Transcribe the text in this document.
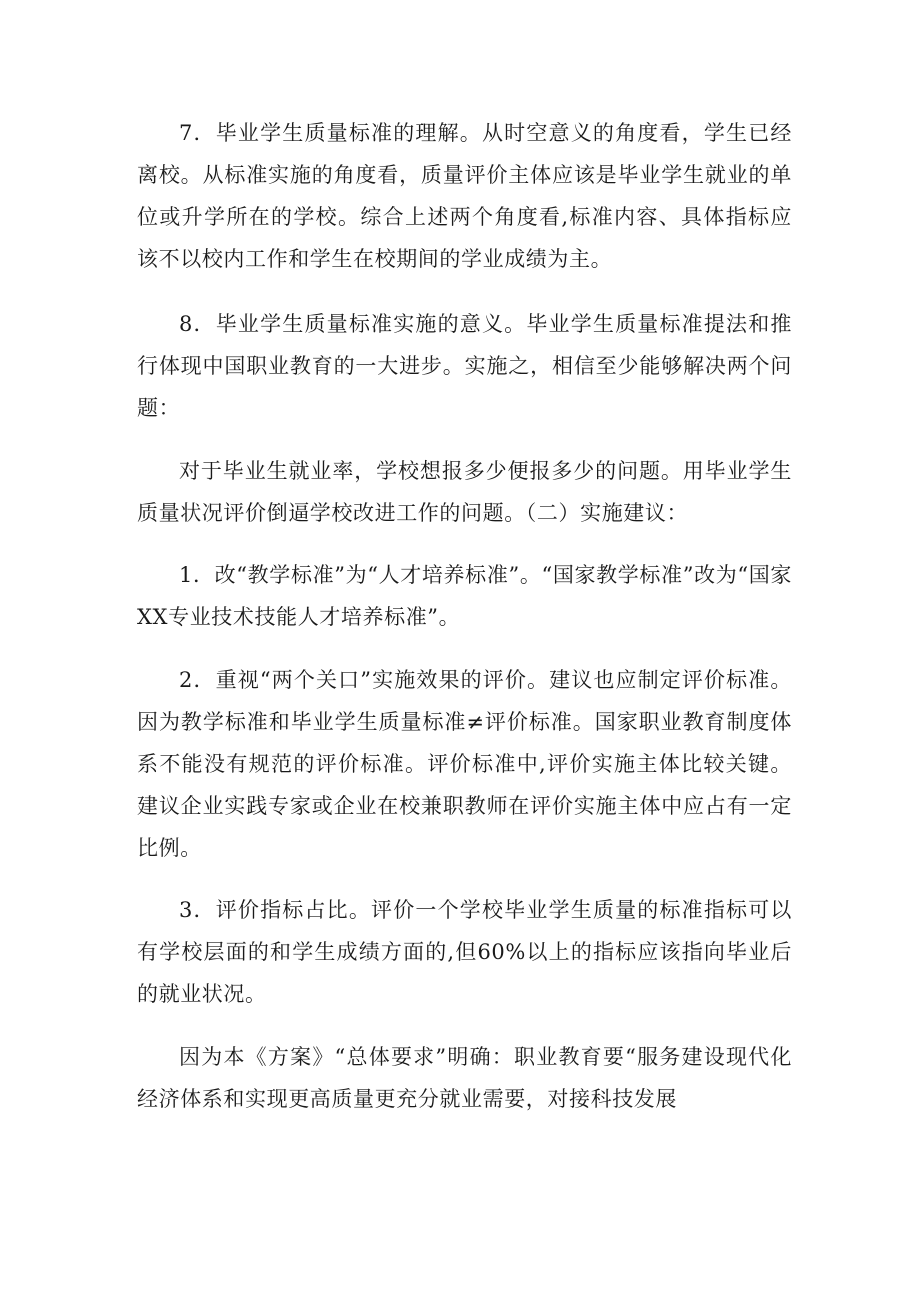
7．毕业学生质量标准的理解。从时空意义的角度看，学生已经离校。从标准实施的角度看，质量评价主体应该是毕业学生就业的单位或升学所在的学校。综合上述两个角度看,标准内容、具体指标应该不以校内工作和学生在校期间的学业成绩为主。

8．毕业学生质量标准实施的意义。毕业学生质量标准提法和推行体现中国职业教育的一大进步。实施之，相信至少能够解决两个问题：

对于毕业生就业率，学校想报多少便报多少的问题。用毕业学生质量状况评价倒逼学校改进工作的问题。（二）实施建议：

1．改“教学标准”为“人才培养标准”。“国家教学标准”改为“国家XX专业技术技能人才培养标准”。

2．重视“两个关口”实施效果的评价。建议也应制定评价标准。因为教学标准和毕业学生质量标准≠评价标准。国家职业教育制度体系不能没有规范的评价标准。评价标准中,评价实施主体比较关键。建议企业实践专家或企业在校兼职教师在评价实施主体中应占有一定比例。

3．评价指标占比。评价一个学校毕业学生质量的标准指标可以有学校层面的和学生成绩方面的,但60%以上的指标应该指向毕业后的就业状况。

因为本《方案》“总体要求”明确：职业教育要“服务建设现代化经济体系和实现更高质量更充分就业需要，对接科技发展
